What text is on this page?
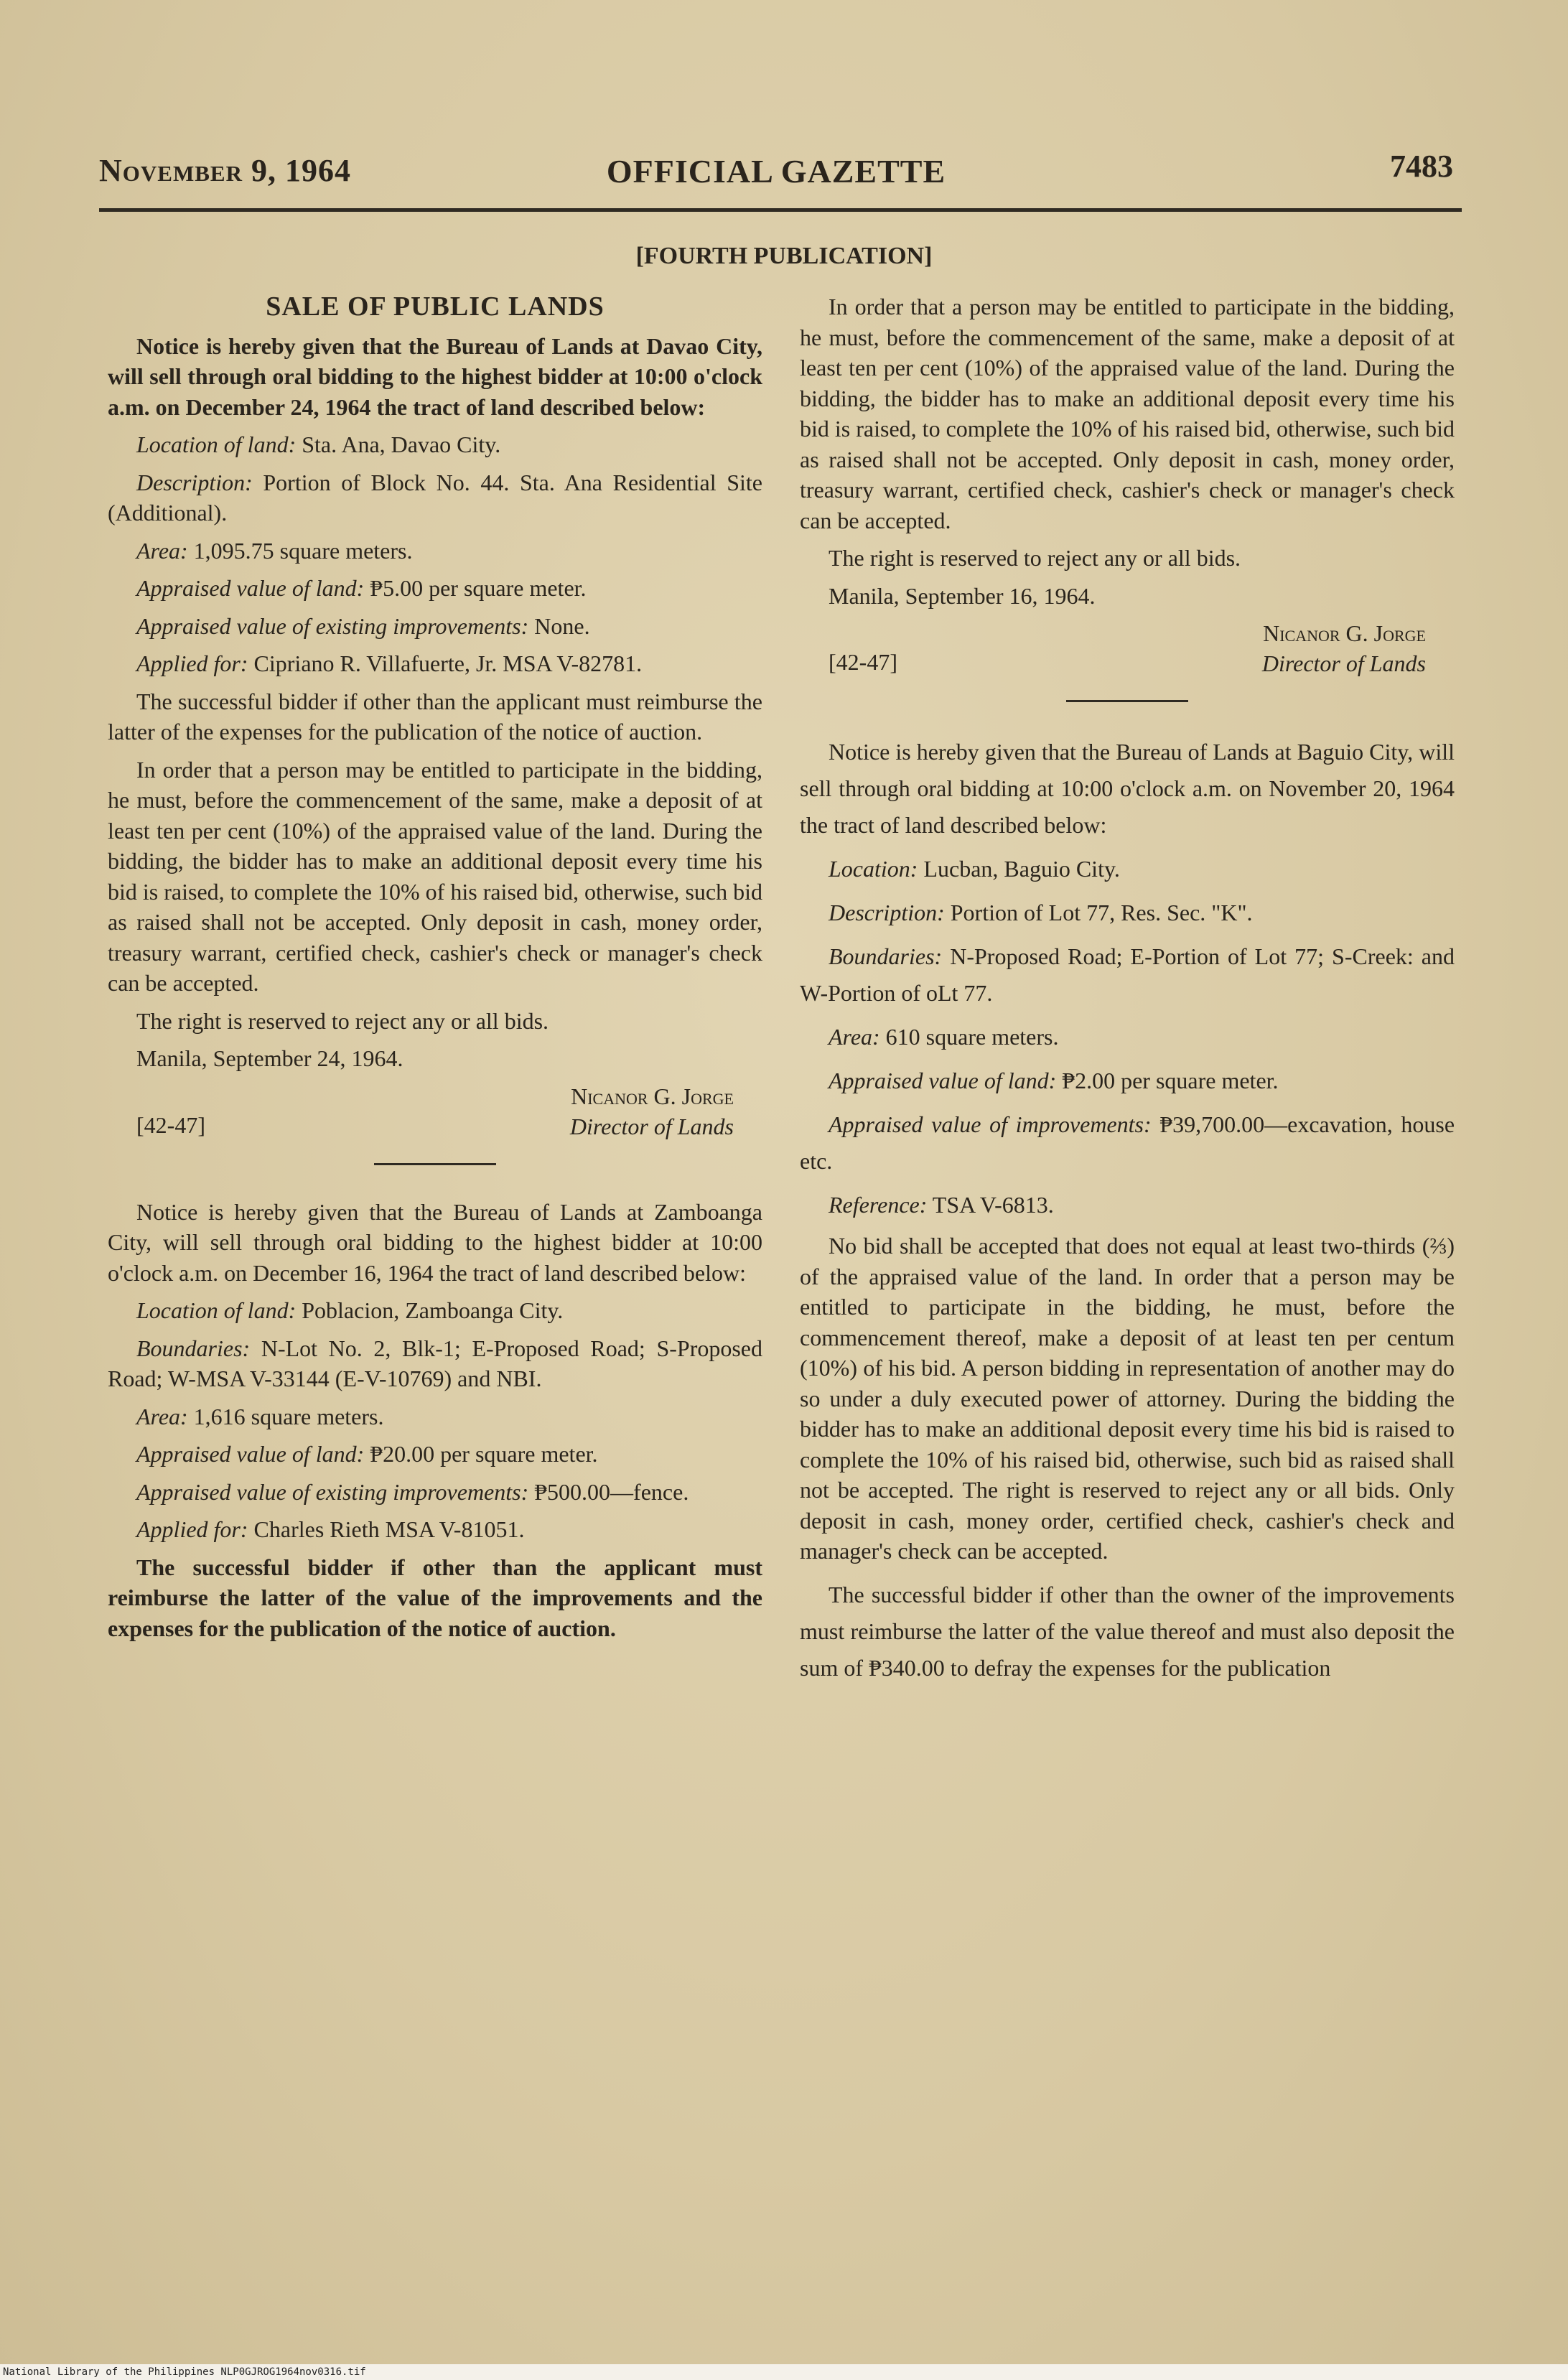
November 9, 1964	OFFICIAL GAZETTE	7483
[FOURTH PUBLICATION]
SALE OF PUBLIC LANDS

Notice is hereby given that the Bureau of Lands at Davao City, will sell through oral bidding to the highest bidder at 10:00 o'clock a.m. on December 24, 1964 the tract of land described below:

Location of land: Sta. Ana, Davao City.

Description: Portion of Block No. 44. Sta. Ana Residential Site (Additional).

Area: 1,095.75 square meters.

Appraised value of land: ₱5.00 per square meter.

Appraised value of existing improvements: None.

Applied for: Cipriano R. Villafuerte, Jr. MSA V-82781.

The successful bidder if other than the applicant must reimburse the latter of the expenses for the publication of the notice of auction.

In order that a person may be entitled to participate in the bidding, he must, before the commencement of the same, make a deposit of at least ten per cent (10%) of the appraised value of the land. During the bidding, the bidder has to make an additional deposit every time his bid is raised, to complete the 10% of his raised bid, otherwise, such bid as raised shall not be accepted. Only deposit in cash, money order, treasury warrant, certified check, cashier's check or manager's check can be accepted.

The right is reserved to reject any or all bids.

Manila, September 24, 1964.

Nicanor G. Jorge
[42-47]	Director of Lands

Notice is hereby given that the Bureau of Lands at Zamboanga City, will sell through oral bidding to the highest bidder at 10:00 o'clock a.m. on December 16, 1964 the tract of land described below:

Location of land: Poblacion, Zamboanga City.

Boundaries: N-Lot No. 2, Blk-1; E-Proposed Road; S-Proposed Road; W-MSA V-33144 (E-V-10769) and NBI.

Area: 1,616 square meters.

Appraised value of land: ₱20.00 per square meter.

Appraised value of existing improvements: ₱500.00—fence.

Applied for: Charles Rieth MSA V-81051.

The successful bidder if other than the applicant must reimburse the latter of the value of the improvements and the expenses for the publication of the notice of auction.

In order that a person may be entitled to participate in the bidding, he must, before the commencement of the same, make a deposit of at least ten per cent (10%) of the appraised value of the land. During the bidding, the bidder has to make an additional deposit every time his bid is raised, to complete the 10% of his raised bid, otherwise, such bid as raised shall not be accepted. Only deposit in cash, money order, treasury warrant, certified check, cashier's check or manager's check can be accepted.

The right is reserved to reject any or all bids.

Manila, September 16, 1964.

Nicanor G. Jorge
[42-47]	Director of Lands

Notice is hereby given that the Bureau of Lands at Baguio City, will sell through oral bidding at 10:00 o'clock a.m. on November 20, 1964 the tract of land described below:

Location: Lucban, Baguio City.

Description: Portion of Lot 77, Res. Sec. "K".

Boundaries: N-Proposed Road; E-Portion of Lot 77; S-Creek: and W-Portion of oLt 77.

Area: 610 square meters.

Appraised value of land: ₱2.00 per square meter.

Appraised value of improvements: ₱39,700.00—excavation, house etc.

Reference: TSA V-6813.

No bid shall be accepted that does not equal at least two-thirds (⅔) of the appraised value of the land. In order that a person may be entitled to participate in the bidding, he must, before the commencement thereof, make a deposit of at least ten per centum (10%) of his bid. A person bidding in representation of another may do so under a duly executed power of attorney. During the bidding the bidder has to make an additional deposit every time his bid is raised to complete the 10% of his raised bid, otherwise, such bid as raised shall not be accepted. The right is reserved to reject any or all bids. Only deposit in cash, money order, certified check, cashier's check and manager's check can be accepted.

The successful bidder if other than the owner of the improvements must reimburse the latter of the value thereof and must also deposit the sum of ₱340.00 to defray the expenses for the publication

National Library of the Philippines NLP0GJROG1964nov0316.tif
